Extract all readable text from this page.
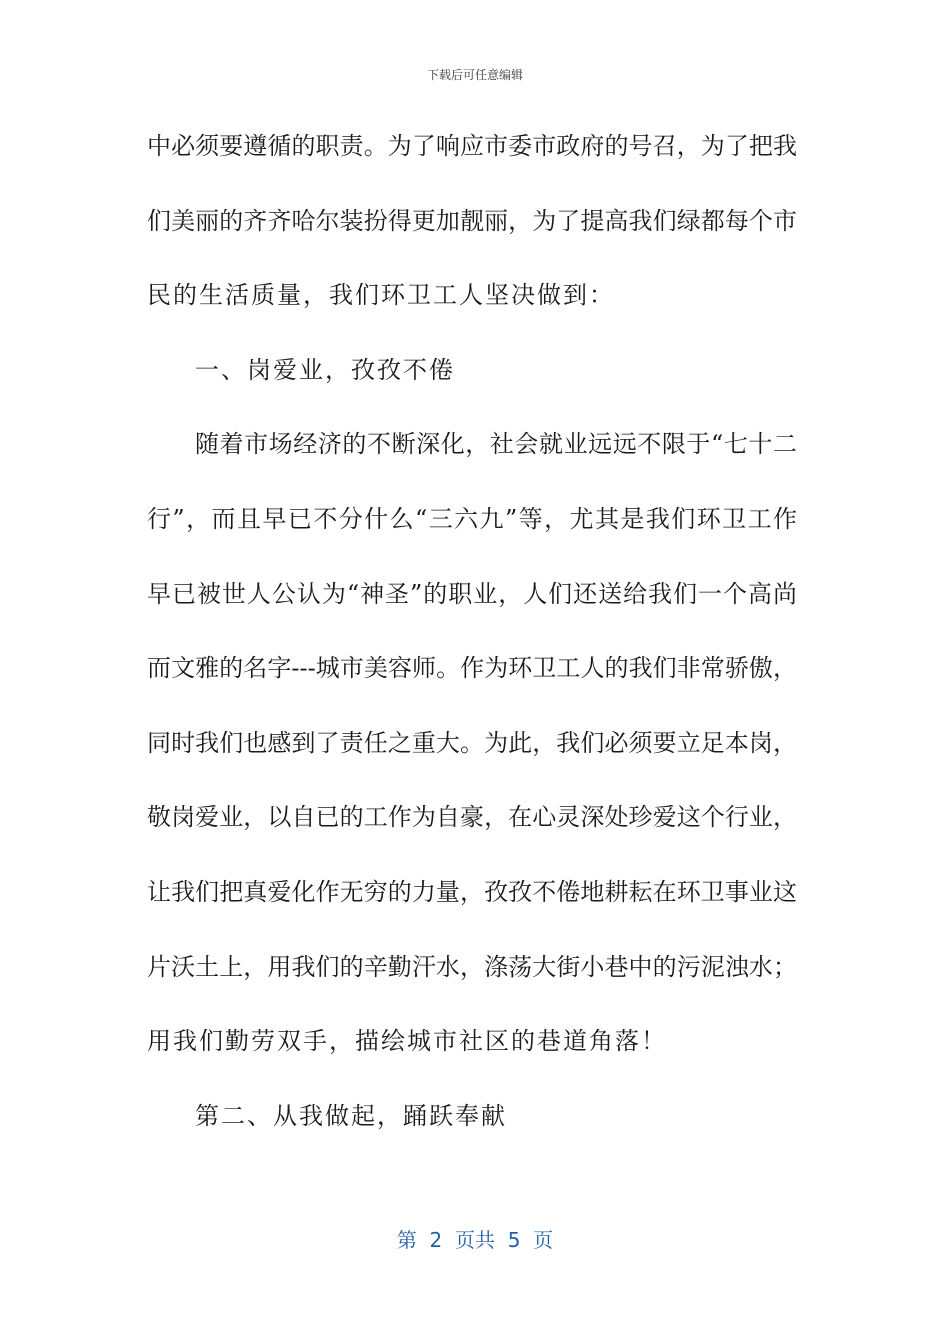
下载后可任意编辑
中必须要遵循的职责。为了响应市委市政府的号召，为了把我
们美丽的齐齐哈尔装扮得更加靓丽，为了提高我们绿都每个市
民的生活质量，我们环卫工人坚决做到：
一、岗爱业，孜孜不倦
随着市场经济的不断深化，社会就业远远不限于“七十二
行”，而且早已不分什么“三六九”等，尤其是我们环卫工作
早已被世人公认为“神圣”的职业，人们还送给我们一个高尚
而文雅的名字---城市美容师。作为环卫工人的我们非常骄傲，
同时我们也感到了责任之重大。为此，我们必须要立足本岗，
敬岗爱业，以自已的工作为自豪，在心灵深处珍爱这个行业，
让我们把真爱化作无穷的力量，孜孜不倦地耕耘在环卫事业这
片沃土上，用我们的辛勤汗水，涤荡大街小巷中的污泥浊水；
用我们勤劳双手，描绘城市社区的巷道角落！
第二、从我做起，踊跃奉献
第  2  页共  5  页
